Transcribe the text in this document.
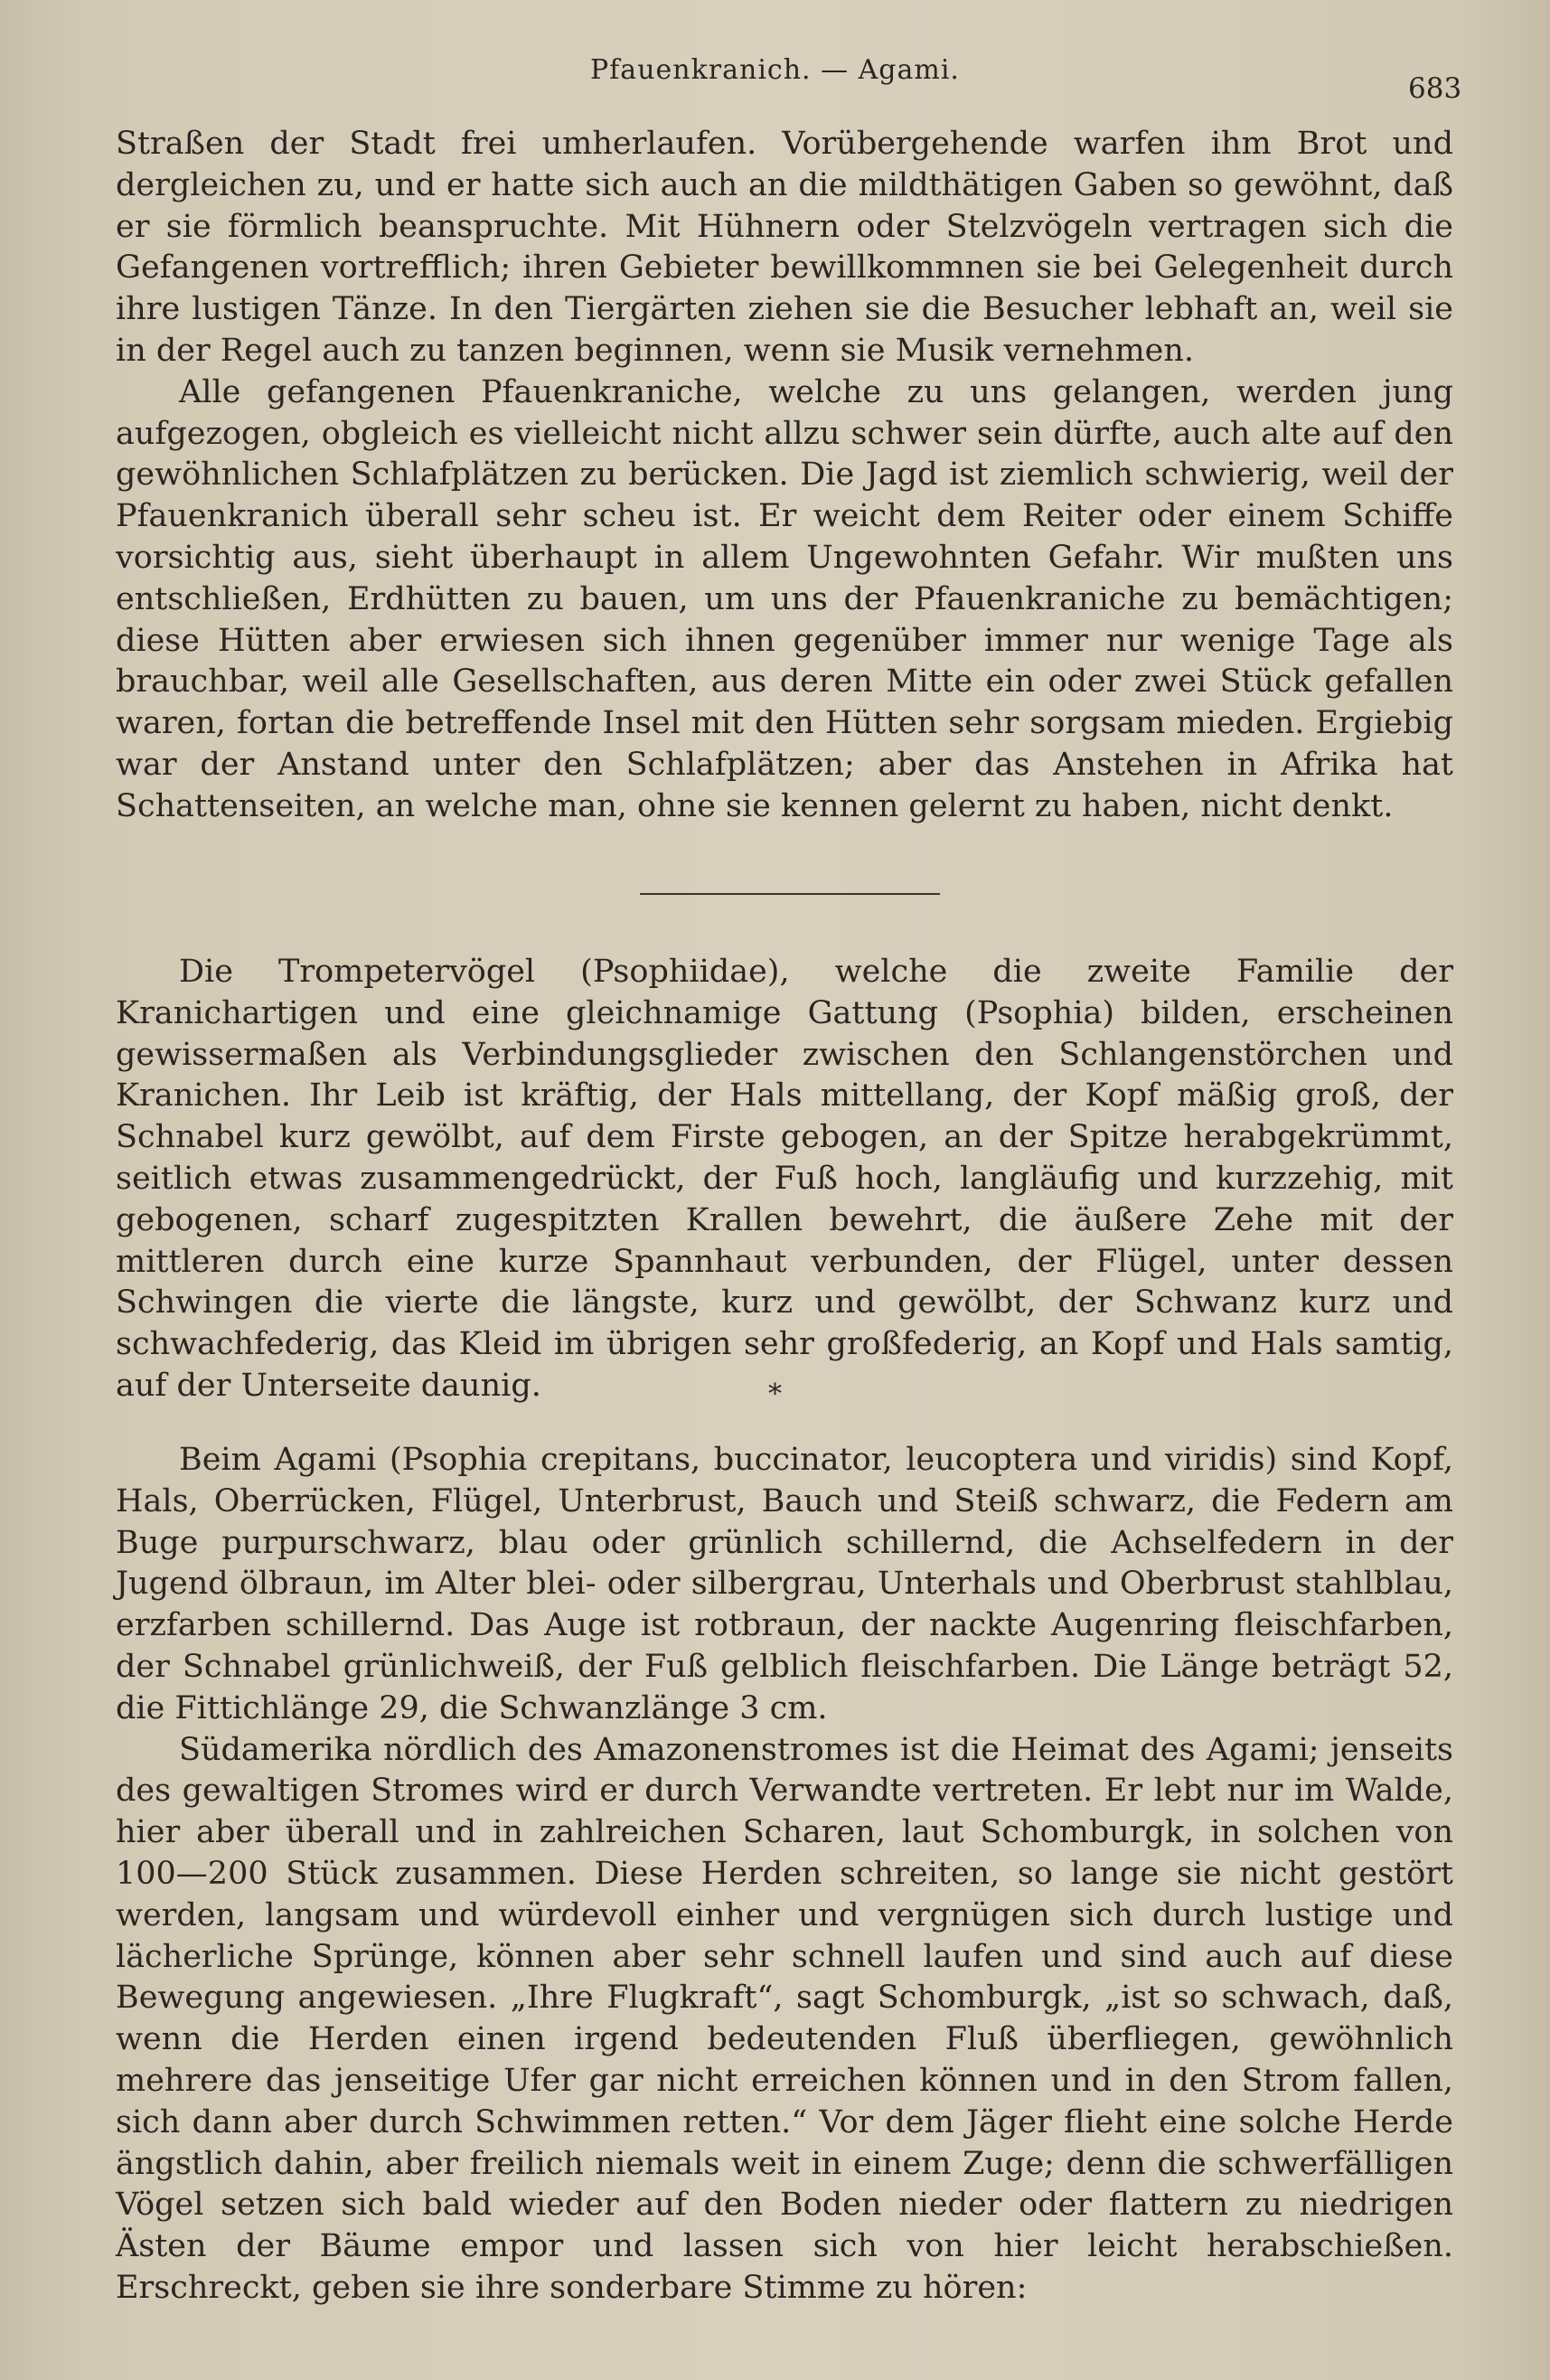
Pfauenkranich. — Agami.
683

Straßen der Stadt frei umherlaufen. Vorübergehende warfen ihm Brot und dergleichen zu, und er hatte sich auch an die mildthätigen Gaben so gewöhnt, daß er sie förmlich beanspruchte. Mit Hühnern oder Stelzvögeln vertragen sich die Gefangenen vortrefflich; ihren Gebieter bewillkommnen sie bei Gelegenheit durch ihre lustigen Tänze. In den Tiergärten ziehen sie die Besucher lebhaft an, weil sie in der Regel auch zu tanzen beginnen, wenn sie Musik vernehmen.

Alle gefangenen Pfauenkraniche, welche zu uns gelangen, werden jung aufgezogen, obgleich es vielleicht nicht allzu schwer sein dürfte, auch alte auf den gewöhnlichen Schlafplätzen zu berücken. Die Jagd ist ziemlich schwierig, weil der Pfauenkranich überall sehr scheu ist. Er weicht dem Reiter oder einem Schiffe vorsichtig aus, sieht überhaupt in allem Ungewohnten Gefahr. Wir mußten uns entschließen, Erdhütten zu bauen, um uns der Pfauenkraniche zu bemächtigen; diese Hütten aber erwiesen sich ihnen gegenüber immer nur wenige Tage als brauchbar, weil alle Gesellschaften, aus deren Mitte ein oder zwei Stück gefallen waren, fortan die betreffende Insel mit den Hütten sehr sorgsam mieden. Ergiebig war der Anstand unter den Schlafplätzen; aber das Anstehen in Afrika hat Schattenseiten, an welche man, ohne sie kennen gelernt zu haben, nicht denkt.

Die Trompetervögel (Psophiidae), welche die zweite Familie der Kranichartigen und eine gleichnamige Gattung (Psophia) bilden, erscheinen gewissermaßen als Verbindungsglieder zwischen den Schlangenstörchen und Kranichen. Ihr Leib ist kräftig, der Hals mittellang, der Kopf mäßig groß, der Schnabel kurz gewölbt, auf dem Firste gebogen, an der Spitze herabgekrümmt, seitlich etwas zusammengedrückt, der Fuß hoch, langläufig und kurzzehig, mit gebogenen, scharf zugespitzten Krallen bewehrt, die äußere Zehe mit der mittleren durch eine kurze Spannhaut verbunden, der Flügel, unter dessen Schwingen die vierte die längste, kurz und gewölbt, der Schwanz kurz und schwachfederig, das Kleid im übrigen sehr großfederig, an Kopf und Hals samtig, auf der Unterseite daunig.	*

Beim Agami (Psophia crepitans, buccinator, leucoptera und viridis) sind Kopf, Hals, Oberrücken, Flügel, Unterbrust, Bauch und Steiß schwarz, die Federn am Buge purpurschwarz, blau oder grünlich schillernd, die Achselfedern in der Jugend ölbraun, im Alter blei- oder silbergrau, Unterhals und Oberbrust stahlblau, erzfarben schillernd. Das Auge ist rotbraun, der nackte Augenring fleischfarben, der Schnabel grünlichweiß, der Fuß gelblich fleischfarben. Die Länge beträgt 52, die Fittichlänge 29, die Schwanzlänge 3 cm.

Südamerika nördlich des Amazonenstromes ist die Heimat des Agami; jenseits des gewaltigen Stromes wird er durch Verwandte vertreten. Er lebt nur im Walde, hier aber überall und in zahlreichen Scharen, laut Schomburgk, in solchen von 100—200 Stück zusammen. Diese Herden schreiten, so lange sie nicht gestört werden, langsam und würdevoll einher und vergnügen sich durch lustige und lächerliche Sprünge, können aber sehr schnell laufen und sind auch auf diese Bewegung angewiesen. „Ihre Flugkraft“, sagt Schomburgk, „ist so schwach, daß, wenn die Herden einen irgend bedeutenden Fluß überfliegen, gewöhnlich mehrere das jenseitige Ufer gar nicht erreichen können und in den Strom fallen, sich dann aber durch Schwimmen retten.“ Vor dem Jäger flieht eine solche Herde ängstlich dahin, aber freilich niemals weit in einem Zuge; denn die schwerfälligen Vögel setzen sich bald wieder auf den Boden nieder oder flattern zu niedrigen Ästen der Bäume empor und lassen sich von hier leicht herabschießen. Erschreckt, geben sie ihre sonderbare Stimme zu hören:
